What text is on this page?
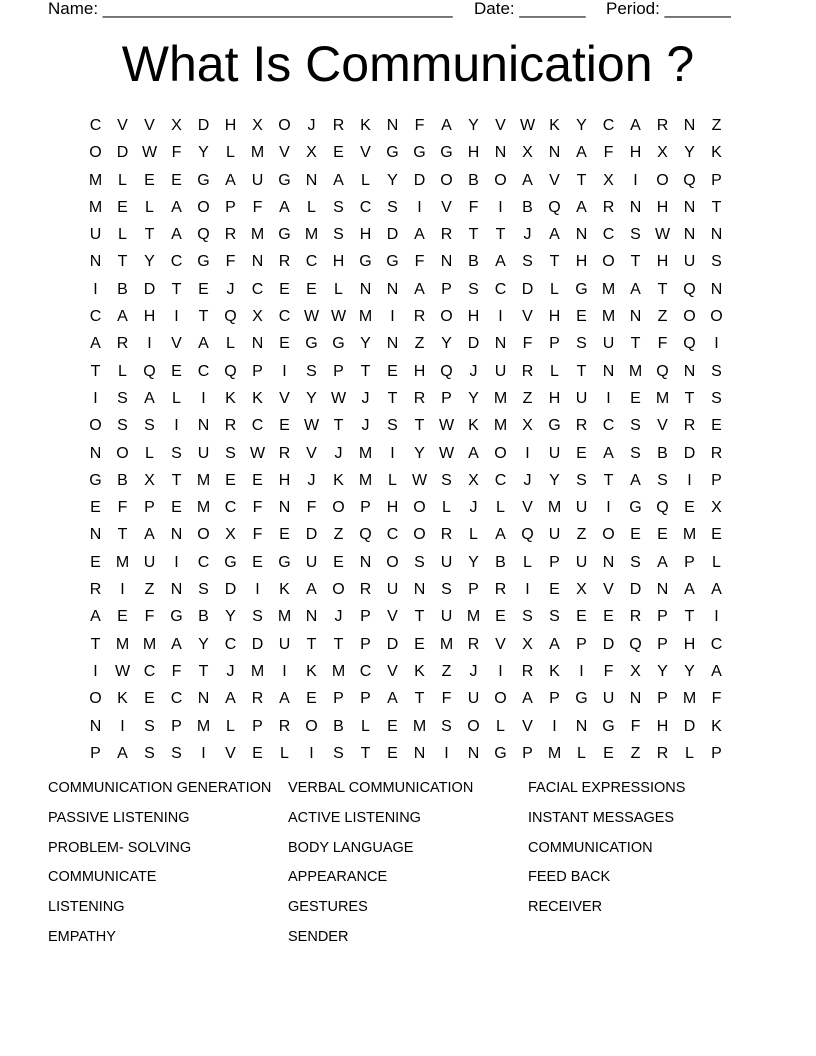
Name: _____________________________________ Date: _______ Period: _______
What Is Communication ?
C V	V	X D H X O	J	R K N	F	A	Y	V W K	Y C A R N	Z
O D W F	Y	L M V	X	E	V G G G H N X N A	F	H X	Y	K
M L	E	E G A U G N A	L	Y D O B O A	V	T	X	I	O Q P
M E	L	A O P	F	A	L	S C S	I	V	F	I	B Q A R N H N	T
U	L	T	A Q R M G M S H D A R	T	T	J	A N C S W N N
N	T	Y C G F	N R C H G G F	N B	A	S	T	H O T	H U S
I	B D	T	E	J	C E	E	L	N N A	P	S C D	L	G M A	T Q N
C A H	I	T Q X C W W M	I	R O H	I	V H E M N	Z O O
A R	I	V	A	L	N E G G Y N	Z	Y D N	F	P	S U	T	F Q	I
T	L	Q E C Q P	I	S	P	T	E H Q	J	U R	L	T	N M Q N S
I	S	A	L	I	K	K	V	Y W J	T	R P	Y M Z	H U	I	E M T	S
O S	S	I	N R C E W T	J	S	T W K M X G R C S	V R E
N O	L	S U S W R V	J	M	I	Y W A O	I	U E	A	S	B D R
G B	X	T M E	E H	J	K M L W S	X C	J	Y	S	T	A	S	I	P
E	F	P	E M C	F	N	F O P H O	L	J	L	V M U	I	G Q E	X
N	T	A N O X	F	E D	Z Q C O R	L	A Q U	Z O E	E M E
E M U	I	C G E G U E N O S U Y	B	L	P U N S	A	P	L
R	I	Z	N S D	I	K	A O R U N S	P R	I	E	X	V D N A	A
A	E	F G B	Y	S M N	J	P	V	T	U M E	S	S	E	E R P	T	I
T M M A	Y C D U	T	T	P D E M R V	X	A	P D Q P H C
I	W C	F	T	J	M	I	K M C V	K	Z	J	I	R K	I	F	X	Y	Y	A
O K	E C N A R A	E	P	P	A	T	F	U O A	P G U N P M F
N	I	S	P M L	P R O B	L	E M S O	L	V	I	N G F	H D K
P	A	S	S	I	V	E	L	I	S	T	E N	I	N G P M L	E	Z	R	L	P
COMMUNICATION GENERATION
PASSIVE LISTENING
PROBLEM- SOLVING
COMMUNICATE
LISTENING
EMPATHY
VERBAL COMMUNICATION
ACTIVE LISTENING
BODY LANGUAGE
APPEARANCE
GESTURES
SENDER
FACIAL EXPRESSIONS
INSTANT MESSAGES
COMMUNICATION
FEED BACK
RECEIVER
